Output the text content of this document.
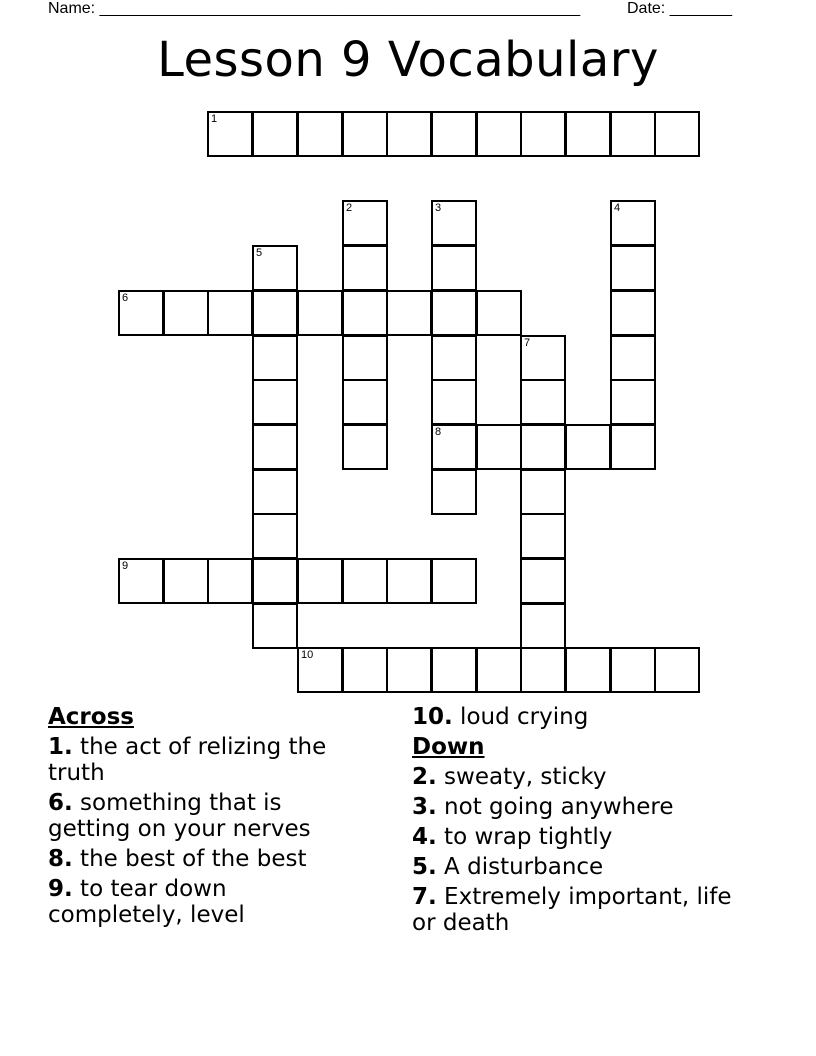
Name: ______________________________________________________	Date: _______
Lesson 9 Vocabulary
1
2	3
8
4
5
6
7
9
10
Across
1. the act of relizing the truth
6. something that is getting on your nerves
8. the best of the best
9. to tear down completely, level
10. loud crying
Down
2. sweaty, sticky
3. not going anywhere
4. to wrap tightly
5. A disturbance
7. Extremely important, life or death
